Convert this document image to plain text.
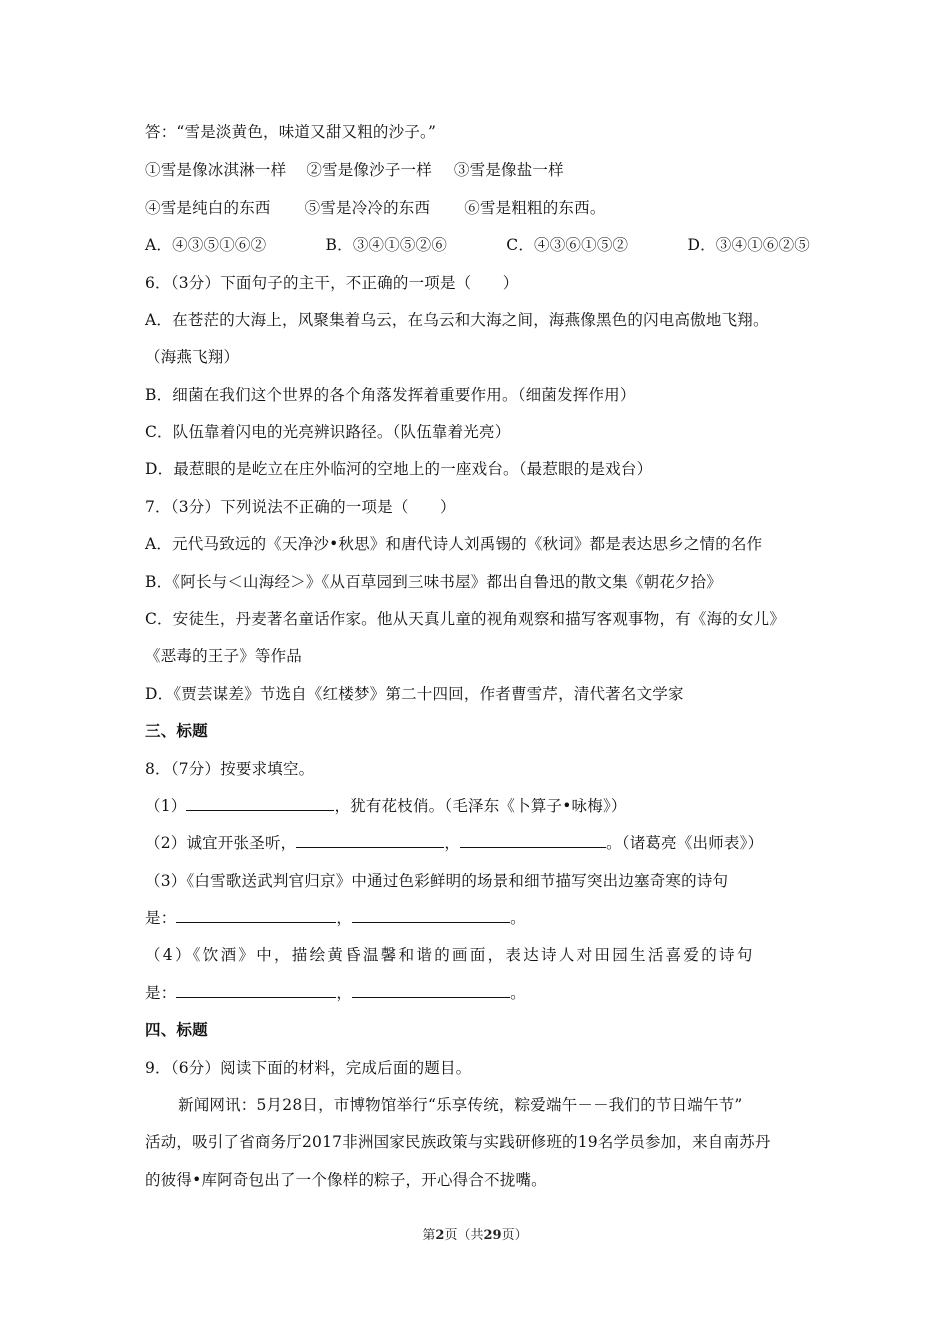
答：“雪是淡黄色，味道又甜又粗的沙子。”
①雪是像冰淇淋一样 ②雪是像沙子一样 ③雪是像盐一样
④雪是纯白的东西 ⑤雪是冷冷的东西 ⑥雪是粗粗的东西。
A．④③⑤①⑥②	B．③④①⑤②⑥	C．④③⑥①⑤②	D．③④①⑥②⑤
6．（3分）下面句子的主干，不正确的一项是（　　）
A．在苍茫的大海上，风聚集着乌云，在乌云和大海之间，海燕像黑色的闪电高傲地飞翔。
（海燕飞翔）
B．细菌在我们这个世界的各个角落发挥着重要作用。（细菌发挥作用）
C．队伍靠着闪电的光亮辨识路径。（队伍靠着光亮）
D．最惹眼的是屹立在庄外临河的空地上的一座戏台。（最惹眼的是戏台）
7．（3分）下列说法不正确的一项是（　　）
A．元代马致远的《天净沙•秋思》和唐代诗人刘禹锡的《秋词》都是表达思乡之情的名作
B．《阿长与＜山海经＞》《从百草园到三味书屋》都出自鲁迅的散文集《朝花夕拾》
C．安徒生，丹麦著名童话作家。他从天真儿童的视角观察和描写客观事物，有《海的女儿》
《恶毒的王子》等作品
D．《贾芸谋差》节选自《红楼梦》第二十四回，作者曹雪芹，清代著名文学家
三、标题
8．（7分）按要求填空。
（1）	，犹有花枝俏。（毛泽东《卜算子•咏梅》）
（2）诚宜开张圣听，	，	。（诸葛亮《出师表》）
（3）《白雪歌送武判官归京》中通过色彩鲜明的场景和细节描写突出边塞奇寒的诗句
是：	，	。
（4）《饮酒》中，描绘黄昏温馨和谐的画面，表达诗人对田园生活喜爱的诗句
是：	，	。
四、标题
9．（6分）阅读下面的材料，完成后面的题目。
新闻网讯：5月28日，市博物馆举行“乐享传统，粽爱端午－－我们的节日端午节”
活动，吸引了省商务厅2017非洲国家民族政策与实践研修班的19名学员参加，来自南苏丹
的彼得•库阿奇包出了一个像样的粽子，开心得合不拢嘴。
第2页（共29页）
